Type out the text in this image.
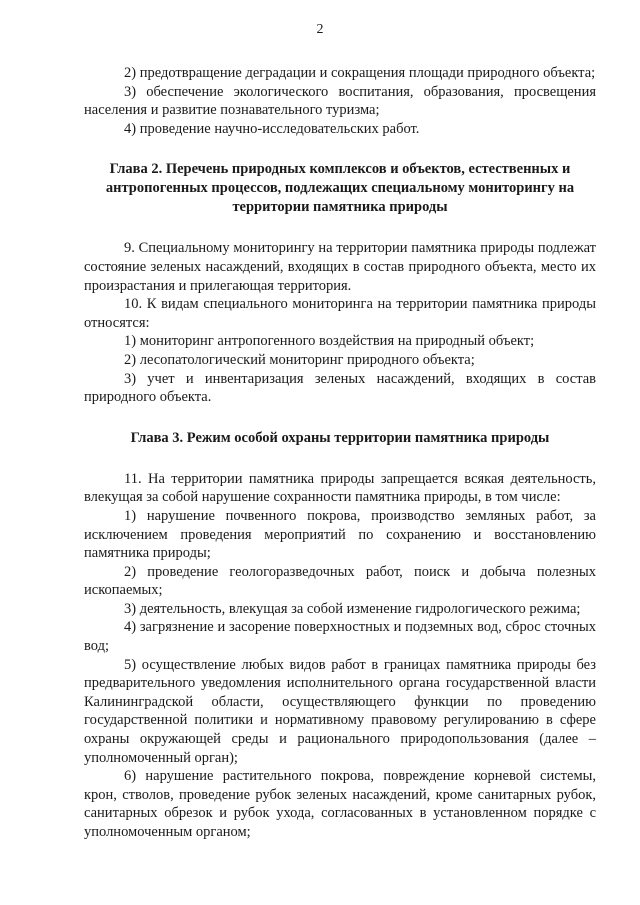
2

2) предотвращение деградации и сокращения площади природного объекта;

3) обеспечение экологического воспитания, образования, просвещения населения и развитие познавательного туризма;

4) проведение научно-исследовательских работ.

Глава 2. Перечень природных комплексов и объектов, естественных и антропогенных процессов, подлежащих специальному мониторингу на территории памятника природы

9. Специальному мониторингу на территории памятника природы подлежат состояние зеленых насаждений, входящих в состав природного объекта, место их произрастания и прилегающая территория.

10. К видам специального мониторинга на территории памятника природы относятся:

1) мониторинг антропогенного воздействия на природный объект;

2) лесопатологический мониторинг природного объекта;

3) учет и инвентаризация зеленых насаждений, входящих в состав природного объекта.

Глава 3. Режим особой охраны территории памятника природы

11. На территории памятника природы запрещается всякая деятельность, влекущая за собой нарушение сохранности памятника природы, в том числе:

1) нарушение почвенного покрова, производство земляных работ, за исключением проведения мероприятий по сохранению и восстановлению памятника природы;

2) проведение геологоразведочных работ, поиск и добыча полезных ископаемых;

3) деятельность, влекущая за собой изменение гидрологического режима;

4) загрязнение и засорение поверхностных и подземных вод, сброс сточных вод;

5) осуществление любых видов работ в границах памятника природы без предварительного уведомления исполнительного органа государственной власти Калининградской области, осуществляющего функции по проведению государственной политики и нормативному правовому регулированию в сфере охраны окружающей среды и рационального природопользования (далее – уполномоченный орган);

6) нарушение растительного покрова, повреждение корневой системы, крон, стволов, проведение рубок зеленых насаждений, кроме санитарных рубок, санитарных обрезок и рубок ухода, согласованных в установленном порядке с уполномоченным органом;
